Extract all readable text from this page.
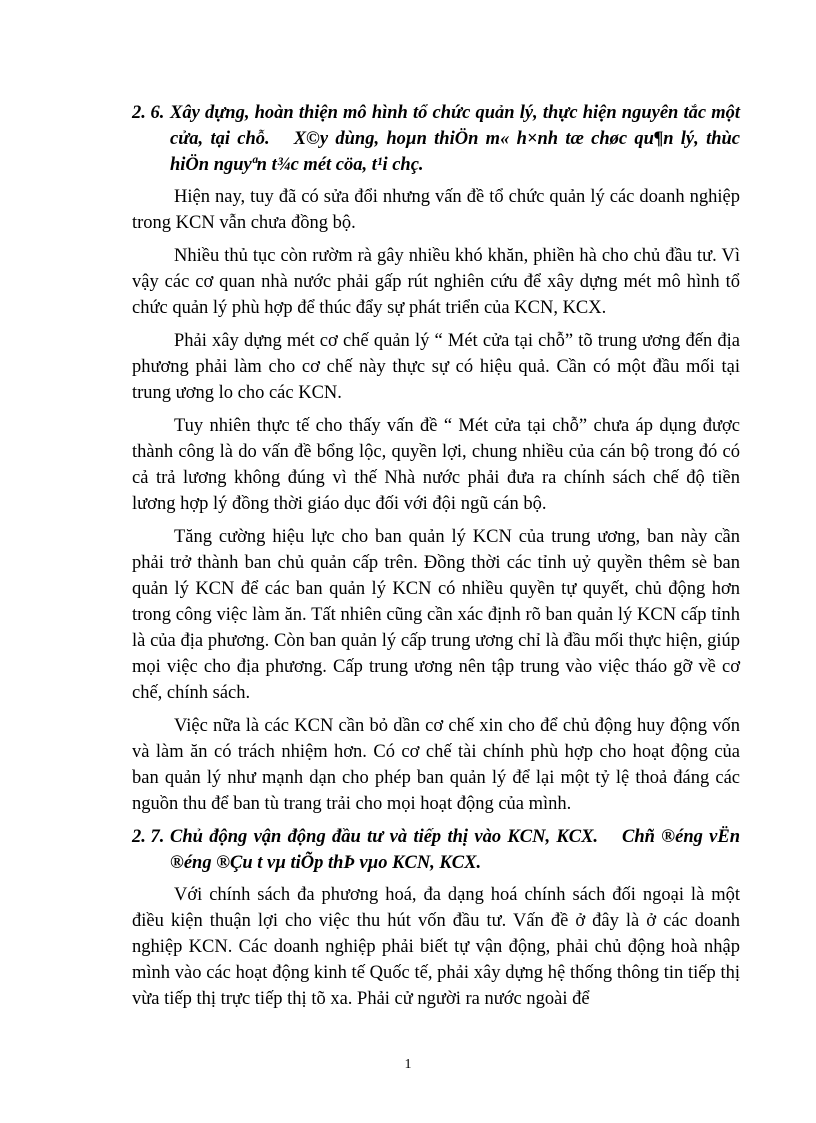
2. 6. Xây dựng, hoàn thiện mô hình tổ chức quản lý, thực hiện nguyên tắc một cửa, tại chỗ. X©y dùng, hoµn thiÖn m« h×nh tæ chøc qu¶n lý, thùc hiÖn nguyªn t¾c mét cöa, t¹i chç.

Hiện nay, tuy đã có sửa đổi nhưng vấn đề tổ chức quản lý các doanh nghiệp trong KCN vẫn chưa đồng bộ.

Nhiều thủ tục còn rườm rà gây nhiều khó khăn, phiền hà cho chủ đầu tư. Vì vậy các cơ quan nhà nước phải gấp rút nghiên cứu để xây dựng mét mô hình tổ chức quản lý phù hợp để thúc đẩy sự phát triển của KCN, KCX.

Phải xây dựng mét cơ chế quản lý “ Mét cửa tại chỗ” tõ trung ương đến địa phương phải làm cho cơ chế này thực sự có hiệu quả. Cần có một đầu mối tại trung ương lo cho các KCN.

Tuy nhiên thực tế cho thấy vấn đề “ Mét cửa tại chỗ” chưa áp dụng được thành công là do vấn đề bổng lộc, quyền lợi, chung nhiều của cán bộ trong đó có cả trả lương không đúng vì thế Nhà nước phải đưa ra chính sách chế độ tiền lương hợp lý đồng thời giáo dục đối với đội ngũ cán bộ.

Tăng cường hiệu lực cho ban quản lý KCN của trung ương, ban này cần phải trở thành ban chủ quản cấp trên. Đồng thời các tỉnh uỷ quyền thêm sè ban quản lý KCN để các ban quản lý KCN có nhiều quyền tự quyết, chủ động hơn trong công việc làm ăn. Tất nhiên cũng cần xác định rõ ban quản lý KCN cấp tỉnh là của địa phương. Còn ban quản lý cấp trung ương chỉ là đầu mối thực hiện, giúp mọi việc cho địa phương. Cấp trung ương nên tập trung vào việc tháo gỡ về cơ chế, chính sách.

Việc nữa là các KCN cần bỏ dần cơ chế xin cho để chủ động huy động vốn và làm ăn có trách nhiệm hơn. Có cơ chế tài chính phù hợp cho hoạt động của ban quản lý như mạnh dạn cho phép ban quản lý để lại một tỷ lệ thoả đáng các nguồn thu để ban tù trang trải cho mọi hoạt động của mình.

2. 7. Chủ động vận động đầu tư và tiếp thị vào KCN, KCX. Chñ ®éng vËn ®éng ®Çu t vµ tiÕp thÞ vµo KCN, KCX.

Với chính sách đa phương hoá, đa dạng hoá chính sách đối ngoại là một điều kiện thuận lợi cho việc thu hút vốn đầu tư. Vấn đề ở đây là ở các doanh nghiệp KCN. Các doanh nghiệp phải biết tự vận động, phải chủ động hoà nhập mình vào các hoạt động kinh tế Quốc tế, phải xây dựng hệ thống thông tin tiếp thị vừa tiếp thị trực tiếp thị tõ xa. Phải cử người ra nước ngoài để

1
